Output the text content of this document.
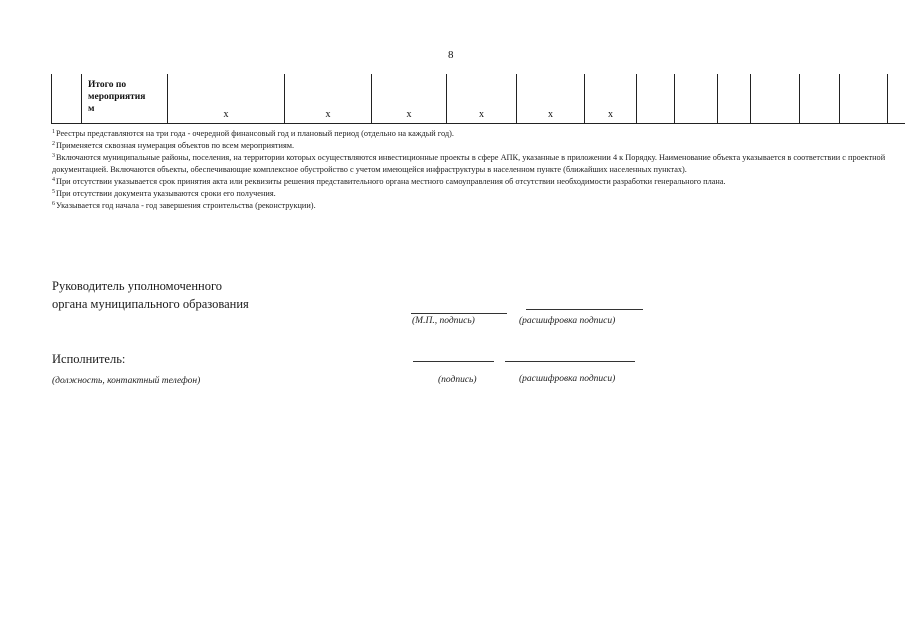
8
	Итого по
мероприятия
м	x	x	x	x	x	x								

$^1$Реестры представляются на три года - очередной финансовый год и плановый период (отдельно на каждый год).

$^2$Применяется сквозная нумерация объектов по всем мероприятиям.

$^3$Включаются муниципальные районы, поселения, на территории которых осуществляются инвестиционные проекты в сфере АПК, указанные в приложении 4 к Порядку. Наименование объекта указывается в соответствии с проектной документацией. Включаются объекты, обеспечивающие комплексное обустройство с учетом имеющейся инфраструктуры в населенном пункте (ближайших населенных пунктах).

$^4$При отсутствии указывается срок принятия акта или реквизиты решения представительного органа местного самоуправления об отсутствии необходимости разработки генерального плана.

$^5$При отсутствии документа указываются сроки его получения.

$^6$Указывается год начала - год завершения строительства (реконструкции).

Руководитель уполномоченного
органа муниципального образования
(М.П., подпись)	(расшифровка подписи)
Исполнитель:
(должность, контактный телефон)	(подпись)	(расшифровка подписи)
